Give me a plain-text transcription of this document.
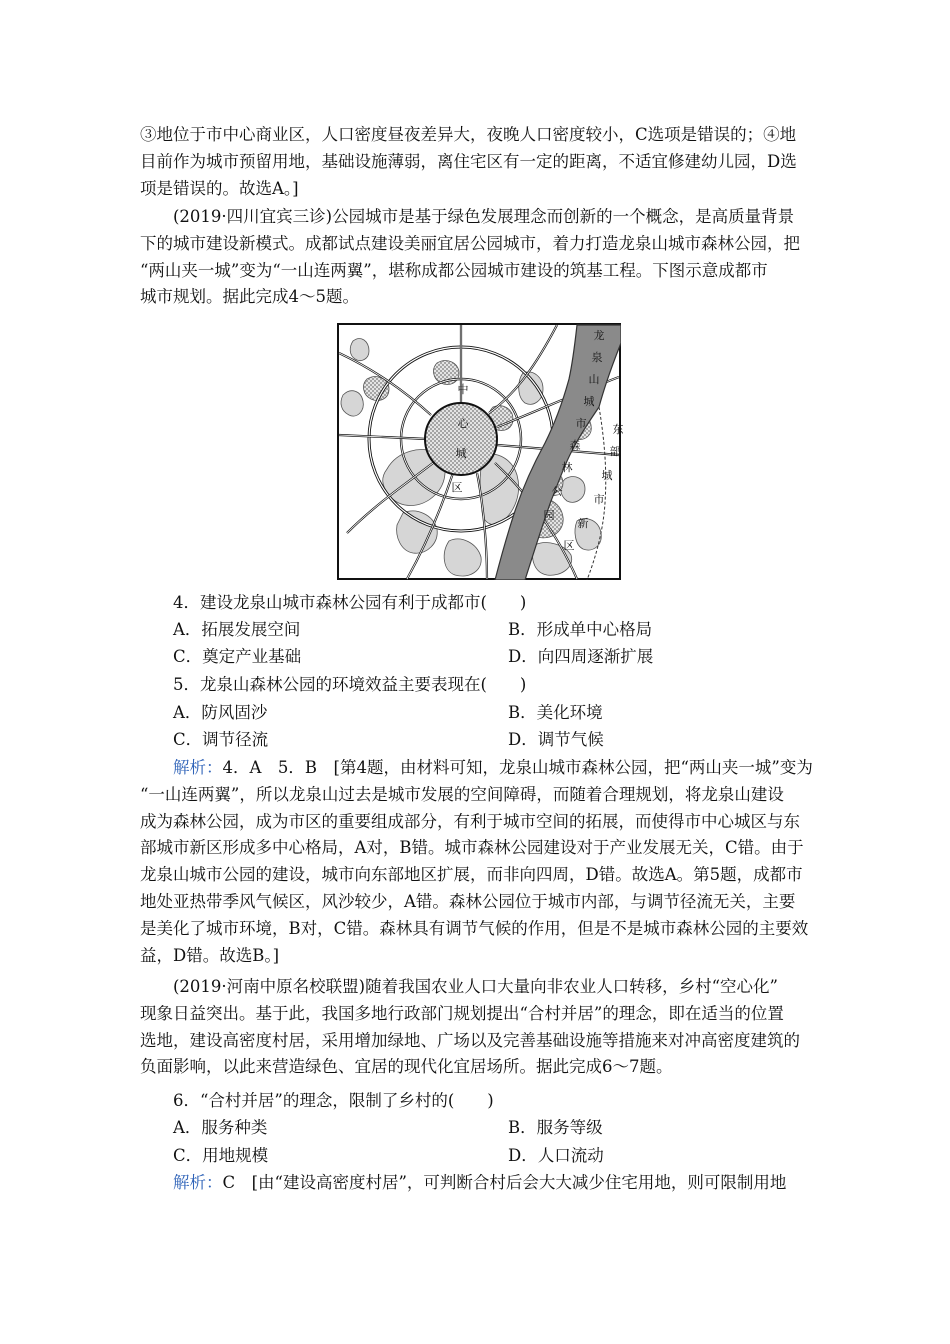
③地位于市中心商业区，人口密度昼夜差异大，夜晚人口密度较小，C选项是错误的；④地
目前作为城市预留用地，基础设施薄弱，离住宅区有一定的距离，不适宜修建幼儿园，D选
项是错误的。故选A。]
(2019·四川宜宾三诊)公园城市是基于绿色发展理念而创新的一个概念，是高质量背景
下的城市建设新模式。成都试点建设美丽宜居公园城市，着力打造龙泉山城市森林公园，把
“两山夹一城”变为“一山连两翼”，堪称成都公园城市建设的筑基工程。下图示意成都市
城市规划。据此完成4～5题。
龙
泉
山
城
市
森
林
公
园
中
心
城
区
东
部
城
市
新
区
4．建设龙泉山城市森林公园有利于成都市(　　)
A．拓展发展空间	B．形成单中心格局
C．奠定产业基础	D．向四周逐渐扩展
5．龙泉山森林公园的环境效益主要表现在(　　)
A．防风固沙	B．美化环境
C．调节径流	D．调节气候
解析：4．A　5．B　[第4题，由材料可知，龙泉山城市森林公园，把“两山夹一城”变为
“一山连两翼”，所以龙泉山过去是城市发展的空间障碍，而随着合理规划，将龙泉山建设
成为森林公园，成为市区的重要组成部分，有利于城市空间的拓展，而使得市中心城区与东
部城市新区形成多中心格局，A对，B错。城市森林公园建设对于产业发展无关，C错。由于
龙泉山城市公园的建设，城市向东部地区扩展，而非向四周，D错。故选A。第5题，成都市
地处亚热带季风气候区，风沙较少，A错。森林公园位于城市内部，与调节径流无关，主要
是美化了城市环境，B对，C错。森林具有调节气候的作用，但是不是城市森林公园的主要效
益，D错。故选B。]
(2019·河南中原名校联盟)随着我国农业人口大量向非农业人口转移，乡村“空心化”
现象日益突出。基于此，我国多地行政部门规划提出“合村并居”的理念，即在适当的位置
选地，建设高密度村居，采用增加绿地、广场以及完善基础设施等措施来对冲高密度建筑的
负面影响，以此来营造绿色、宜居的现代化宜居场所。据此完成6～7题。
6．“合村并居”的理念，限制了乡村的(　　)
A．服务种类	B．服务等级
C．用地规模	D．人口流动
解析：C　[由“建设高密度村居”，可判断合村后会大大减少住宅用地，则可限制用地
